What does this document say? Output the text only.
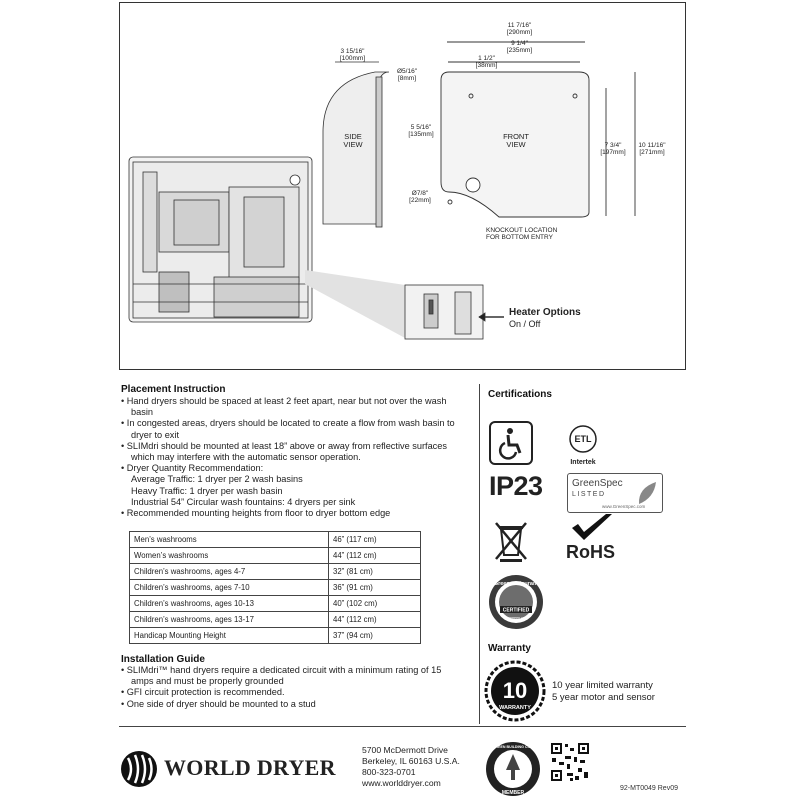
SIDE VIEW
FRONT VIEW
3 15/16"
[100mm]
11 7/16"
[290mm]
9 1/4"
[235mm]
1 1/2"
[38mm]
Ø5/16"
[8mm]
5 5/16"
[135mm]
Ø7/8"
[22mm]
7 3/4"
[197mm]
10 11/16"
[271mm]
KNOCKOUT LOCATION
FOR BOTTOM ENTRY
Heater Options
On / Off
Placement Instruction
• Hand dryers should be spaced at least 2 feet apart, near but not over the wash basin
• In congested areas, dryers should be located to create a flow from wash basin to dryer to exit
• SLIMdri should be mounted at least 18” above or away from reflective surfaces which may interfere with the automatic sensor operation.
• Dryer Quantity Recommendation:
Average Traffic: 1 dryer per 2 wash basins
Heavy Traffic: 1 dryer per wash basin
Industrial 54” Circular wash fountains: 4 dryers per sink
• Recommended mounting heights from floor to dryer bottom edge
Men’s washrooms	46” (117 cm)
Women’s washrooms	44” (112 cm)
Children’s washrooms, ages 4-7	32” (81 cm)
Children’s washrooms, ages 7-10	36” (91 cm)
Children’s washrooms, ages 10-13	40” (102 cm)
Children’s washrooms, ages 13-17	44” (112 cm)
Handicap Mounting Height	37” (94 cm)
Installation Guide
• SLIMdri™ hand dryers require a dedicated circuit with a minimum rating of 15 amps and must be properly grounded
• GFI circuit protection is recommended.
• One side of dryer should be mounted to a stud
Certifications
ETL
Intertek
IP23	GreenSpec
LISTED
www.GreenSpec.com
RoHS
Green restaurant
CERTIFIED
dinegreen.com
Warranty
10
WARRANTY
10 year limited warranty
5 year motor and sensor
WORLD DRYER
5700 McDermott Drive
Berkeley, IL 60163 U.S.A.
800-323-0701
www.worlddryer.com
U.S. GREEN BUILDING COUNCIL
MEMBER
92-MT0049 Rev09
